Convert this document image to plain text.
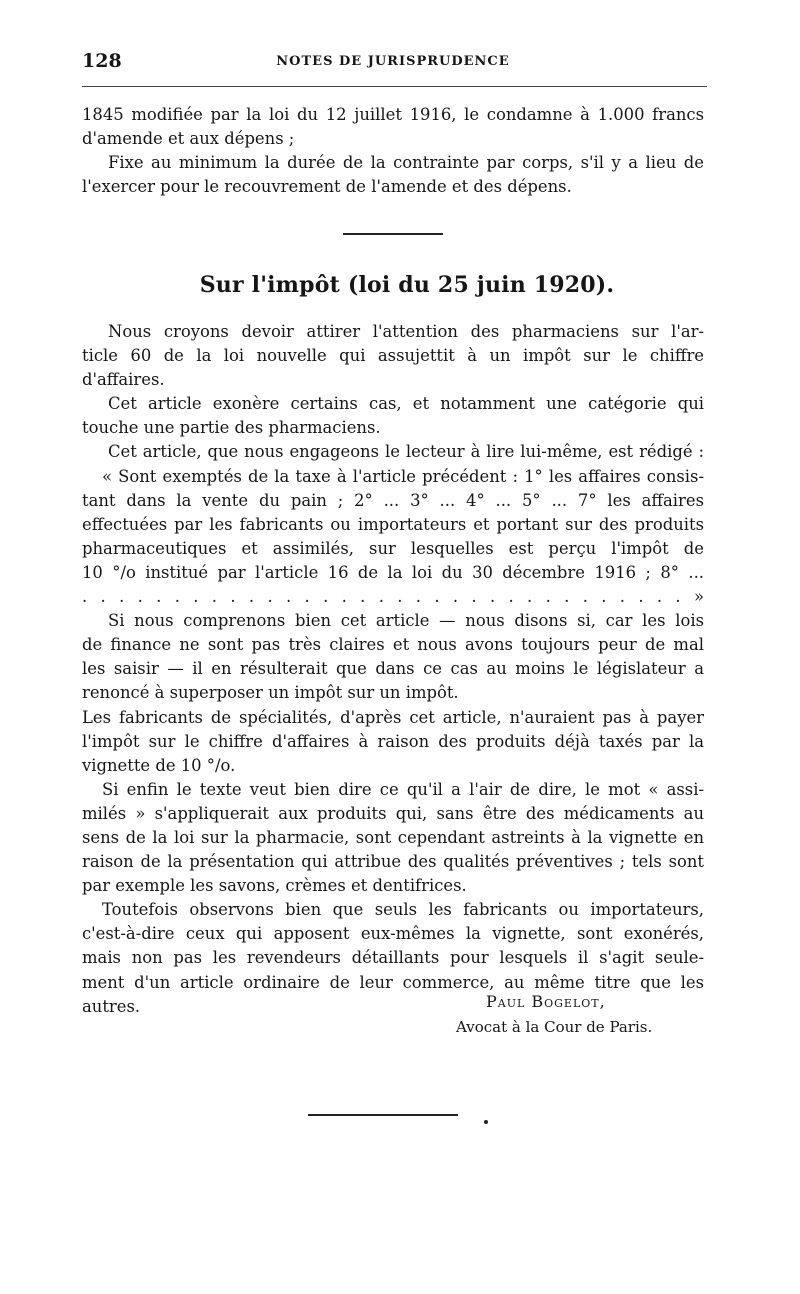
128	NOTES DE JURISPRUDENCE
1845 modifiée par la loi du 12 juillet 1916, le condamne à 1.000 francs
d'amende et aux dépens ;
Fixe au minimum la durée de la contrainte par corps, s'il y a lieu de
l'exercer pour le recouvrement de l'amende et des dépens.
Sur l'impôt (loi du 25 juin 1920).
Nous croyons devoir attirer l'attention des pharmaciens sur l'ar-
ticle 60 de la loi nouvelle qui assujettit à un impôt sur le chiffre
d'affaires.
Cet article exonère certains cas, et notamment une catégorie qui
touche une partie des pharmaciens.
Cet article, que nous engageons le lecteur à lire lui-même, est rédigé :
« Sont exemptés de la taxe à l'article précédent : 1° les affaires consis-
tant dans la vente du pain ; 2° ... 3° ... 4° ... 5° ... 7° les affaires
effectuées par les fabricants ou importateurs et portant sur des produits
pharmaceutiques et assimilés, sur lesquelles est perçu l'impôt de
10 °/o institué par l'article 16 de la loi du 30 décembre 1916 ; 8° ...
. . . . . . . . . . . . . . . . . . . . . . . . . . . . . . . . . »
Si nous comprenons bien cet article — nous disons si, car les lois
de finance ne sont pas très claires et nous avons toujours peur de mal
les saisir — il en résulterait que dans ce cas au moins le législateur a
renoncé à superposer un impôt sur un impôt.
Les fabricants de spécialités, d'après cet article, n'auraient pas à payer
l'impôt sur le chiffre d'affaires à raison des produits déjà taxés par la
vignette de 10 °/o.
Si enfin le texte veut bien dire ce qu'il a l'air de dire, le mot « assi-
milés » s'appliquerait aux produits qui, sans être des médicaments au
sens de la loi sur la pharmacie, sont cependant astreints à la vignette en
raison de la présentation qui attribue des qualités préventives ; tels sont
par exemple les savons, crèmes et dentifrices.
Toutefois observons bien que seuls les fabricants ou importateurs,
c'est-à-dire ceux qui apposent eux-mêmes la vignette, sont exonérés,
mais non pas les revendeurs détaillants pour lesquels il s'agit seule-
ment d'un article ordinaire de leur commerce, au même titre que les
autres.	Paul Bogelot,
Avocat à la Cour de Paris.
